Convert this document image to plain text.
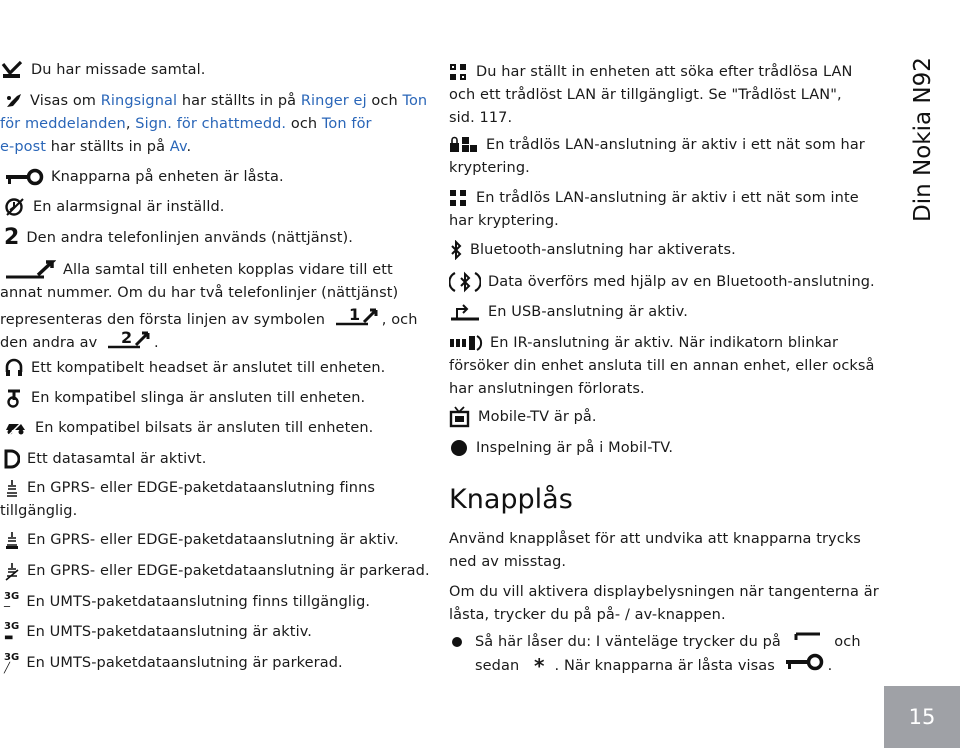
Du har missade samtal.
Visas om Ringsignal har ställts in på Ringer ej och Ton
för meddelanden, Sign. för chattmedd. och Ton för
e-post har ställts in på Av.
Knapparna på enheten är låsta.
En alarmsignal är inställd.
2 Den andra telefonlinjen används (nättjänst).
Alla samtal till enheten kopplas vidare till ett
annat nummer. Om du har två telefonlinjer (nättjänst)
representeras den första linjen av symbolen 1 , och
den andra av 2 .
Ett kompatibelt headset är anslutet till enheten.
En kompatibel slinga är ansluten till enheten.
En kompatibel bilsats är ansluten till enheten.
Ett datasamtal är aktivt.
En GPRS- eller EDGE-paketdataanslutning finns
tillgänglig.
En GPRS- eller EDGE-paketdataanslutning är aktiv.
En GPRS- eller EDGE-paketdataanslutning är parkerad.
3G
─ En UMTS-paketdataanslutning finns tillgänglig.
3G
▬ En UMTS-paketdataanslutning är aktiv.
3G
╱ En UMTS-paketdataanslutning är parkerad.
Du har ställt in enheten att söka efter trådlösa LAN
och ett trådlöst LAN är tillgängligt. Se "Trådlöst LAN",
sid. 117.
En trådlös LAN-anslutning är aktiv i ett nät som har
kryptering.
En trådlös LAN-anslutning är aktiv i ett nät som inte
har kryptering.
Bluetooth-anslutning har aktiverats.
Data överförs med hjälp av en Bluetooth-anslutning.
En USB-anslutning är aktiv.
En IR-anslutning är aktiv. När indikatorn blinkar
försöker din enhet ansluta till en annan enhet, eller också
har anslutningen förlorats.
Mobile-TV är på.
Inspelning är på i Mobil-TV.
Knapplås
Använd knapplåset för att undvika att knapparna trycks
ned av misstag.
Om du vill aktivera displaybelysningen när tangenterna är
låsta, trycker du på på- / av-knappen.
Så här låser du: I vänteläge trycker du på	och
sedan * . När knapparna är låsta visas	.
Din Nokia N92
15
